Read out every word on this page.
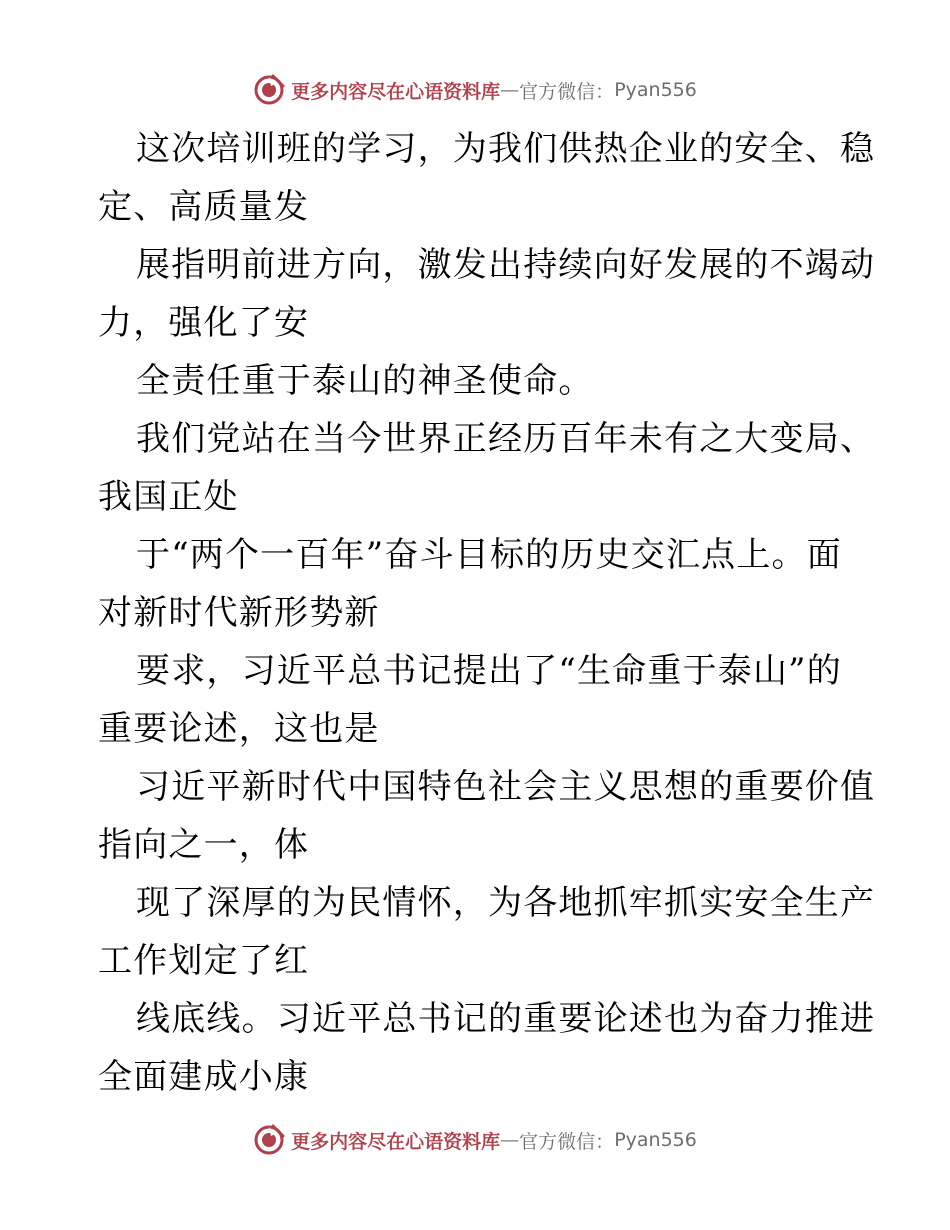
更多内容尽在心语资料库 — 官方微信： Pyan556
这次培训班的学习，为我们供热企业的安全、稳
定、高质量发
展指明前进方向，激发出持续向好发展的不竭动
力，强化了安
全责任重于泰山的神圣使命。
我们党站在当今世界正经历百年未有之大变局、
我国正处
于“两个一百年”奋斗目标的历史交汇点上。面
对新时代新形势新
要求，习近平总书记提出了“生命重于泰山”的
重要论述，这也是
习近平新时代中国特色社会主义思想的重要价值
指向之一，体
现了深厚的为民情怀，为各地抓牢抓实安全生产
工作划定了红
线底线。习近平总书记的重要论述也为奋力推进
全面建成小康
更多内容尽在心语资料库 — 官方微信： Pyan556
